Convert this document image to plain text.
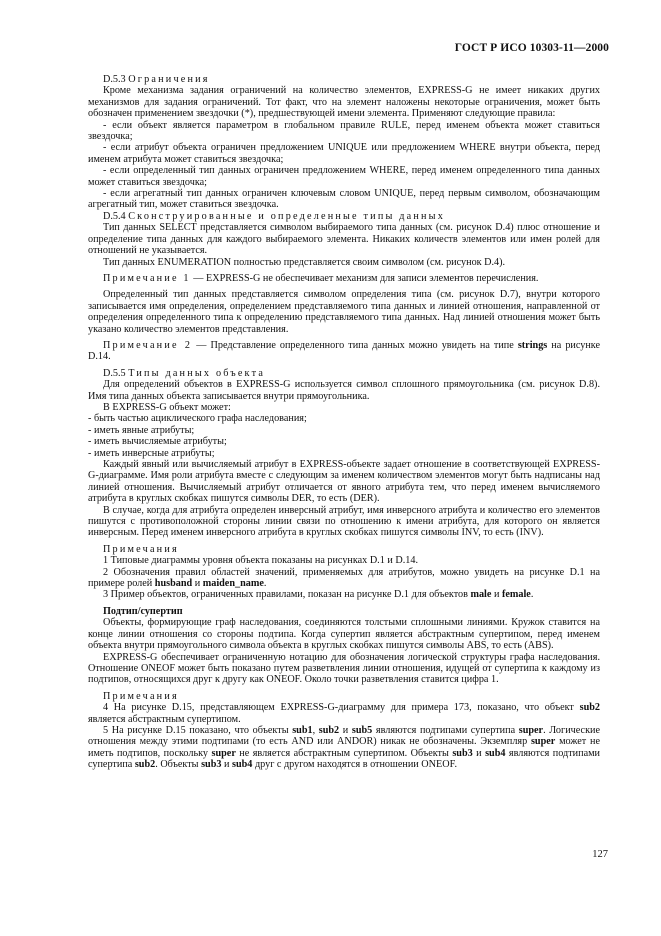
ГОСТ Р ИСО 10303-11—2000

D.5.3 Ограничения

Кроме механизма задания ограничений на количество элементов, EXPRESS-G не имеет никаких других механизмов для задания ограничений. Тот факт, что на элемент наложены некоторые ограничения, может быть обозначен применением звездочки (*), предшествующей имени элемента. Применяют следующие правила:

- если объект является параметром в глобальном правиле RULE, перед именем объекта может ставиться звездочка;

- если атрибут объекта ограничен предложением UNIQUE или предложением WHERE внутри объекта, перед именем атрибута может ставиться звездочка;

- если определенный тип данных ограничен предложением WHERE, перед именем определенного типа данных может ставиться звездочка;

- если агрегатный тип данных ограничен ключевым словом UNIQUE, перед первым символом, обозначающим агрегатный тип, может ставиться звездочка.

D.5.4 Сконструированные и определенные типы данных

Тип данных SELECT представляется символом выбираемого типа данных (см. рисунок D.4) плюс отношение и определение типа данных для каждого выбираемого элемента. Никаких количеств элементов или имен ролей для отношений не указывается.

Тип данных ENUMERATION полностью представляется своим символом (см. рисунок D.4).

Примечание 1 — EXPRESS-G не обеспечивает механизм для записи элементов перечисления.

Определенный тип данных представляется символом определения типа (см. рисунок D.7), внутри которого записывается имя определения, определением представляемого типа данных и линией отношения, направленной от определения определенного типа к определению представляемого типа данных. Над линией отношения может быть указано количество элементов представления.

Примечание 2 — Представление определенного типа данных можно увидеть на типе strings на рисунке D.14.

D.5.5 Типы данных объекта

Для определений объектов в EXPRESS-G используется символ сплошного прямоугольника (см. рисунок D.8). Имя типа данных объекта записывается внутри прямоугольника.

В EXPRESS-G объект может:

- быть частью ациклического графа наследования;

- иметь явные атрибуты;

- иметь вычисляемые атрибуты;

- иметь инверсные атрибуты;

Каждый явный или вычисляемый атрибут в EXPRESS-объекте задает отношение в соответствующей EXPRESS-G-диаграмме. Имя роли атрибута вместе с следующим за именем количеством элементов могут быть надписаны над линией отношения. Вычисляемый атрибут отличается от явного атрибута тем, что перед именем вычисляемого атрибута в круглых скобках пишутся символы DER, то есть (DER).

В случае, когда для атрибута определен инверсный атрибут, имя инверсного атрибута и количество его элементов пишутся с противоположной стороны линии связи по отношению к имени атрибута, для которого он является инверсным. Перед именем инверсного атрибута в круглых скобках пишутся символы INV, то есть (INV).

Примечания

1 Типовые диаграммы уровня объекта показаны на рисунках D.1 и D.14.

2 Обозначения правил областей значений, применяемых для атрибутов, можно увидеть на рисунке D.1 на примере ролей husband и maiden_name.

3 Пример объектов, ограниченных правилами, показан на рисунке D.1 для объектов male и female.

Подтип/супертип

Объекты, формирующие граф наследования, соединяются толстыми сплошными линиями. Кружок ставится на конце линии отношения со стороны подтипа. Когда супертип является абстрактным супертипом, перед именем объекта внутри прямоугольного символа объекта в круглых скобках пишутся символы ABS, то есть (ABS).

EXPRESS-G обеспечивает ограниченную нотацию для обозначения логической структуры графа наследования. Отношение ONEOF может быть показано путем разветвления линии отношения, идущей от супертипа к каждому из подтипов, относящихся друг к другу как ONEOF. Около точки разветвления ставится цифра 1.

Примечания

4 На рисунке D.15, представляющем EXPRESS-G-диаграмму для примера 173, показано, что объект sub2 является абстрактным супертипом.

5 На рисунке D.15 показано, что объекты sub1, sub2 и sub5 являются подтипами супертипа super. Логические отношения между этими подтипами (то есть AND или ANDOR) никак не обозначены. Экземпляр super может не иметь подтипов, поскольку super не является абстрактным супертипом. Объекты sub3 и sub4 являются подтипами супертипа sub2. Объекты sub3 и sub4 друг с другом находятся в отношении ONEOF.

127
